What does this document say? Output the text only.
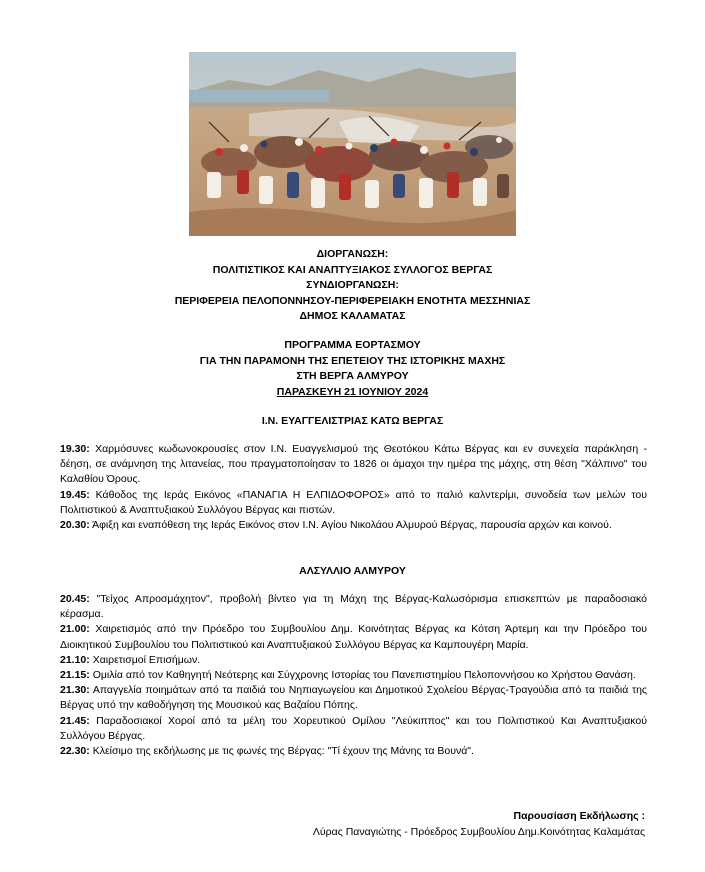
ΔΙΟΡΓΑΝΩΣΗ:
ΠΟΛΙΤΙΣΤΙΚΟΣ ΚΑΙ ΑΝΑΠΤΥΞΙΑΚΟΣ ΣΥΛΛΟΓΟΣ ΒΕΡΓΑΣ
ΣΥΝΔΙΟΡΓΑΝΩΣΗ:
ΠΕΡΙΦΕΡΕΙΑ ΠΕΛΟΠΟΝΝΗΣΟΥ-ΠΕΡΙΦΕΡΕΙΑΚΗ ΕΝΟΤΗΤΑ ΜΕΣΣΗΝΙΑΣ
ΔΗΜΟΣ ΚΑΛΑΜΑΤΑΣ
ΠΡΟΓΡΑΜΜΑ ΕΟΡΤΑΣΜΟΥ
ΓΙΑ ΤΗΝ ΠΑΡΑΜΟΝΗ ΤΗΣ ΕΠΕΤΕΙΟΥ ΤΗΣ ΙΣΤΟΡΙΚΗΣ ΜΑΧΗΣ
ΣΤΗ ΒΕΡΓΑ ΑΛΜΥΡΟΥ
ΠΑΡΑΣΚΕΥΗ 21 ΙΟΥΝΙΟΥ 2024
Ι.Ν. ΕΥΑΓΓΕΛΙΣΤΡΙΑΣ ΚΑΤΩ ΒΕΡΓΑΣ

19.30: Χαρμόσυνες κωδωνοκρουσίες στον Ι.Ν. Ευαγγελισμού της Θεοτόκου Κάτω Βέργας και εν συνεχεία παράκληση - δέηση, σε ανάμνηση της λιτανείας, που πραγματοποίησαν το 1826 οι άμαχοι την ημέρα της μάχης, στη θέση "Χάλπινο" του Καλαθίου Όρους.

19.45: Κάθοδος της Ιεράς Εικόνος «ΠΑΝΑΓΙΑ Η ΕΛΠΙΔΟΦΟΡΟΣ» από το παλιό καλντερίμι, συνοδεία των μελών του Πολιτιστικού & Αναπτυξιακού Συλλόγου Βέργας και πιστών.

20.30: Άφιξη και εναπόθεση της Ιεράς Εικόνος στον Ι.Ν. Αγίου Νικολάου Αλμυρού Βέργας, παρουσία αρχών και κοινού.

ΑΛΣΥΛΛΙΟ ΑΛΜΥΡΟΥ

20.45: "Τείχος Απροσμάχητον", προβολή βίντεο για τη Μάχη της Βέργας-Καλωσόρισμα επισκεπτών με παραδοσιακό κέρασμα.

21.00: Χαιρετισμός από την Πρόεδρο του Συμβουλίου Δημ. Κοινότητας Βέργας κα Κότση Άρτεμη και την Πρόεδρο του Διοικητικού Συμβουλίου του Πολιτιστικού και Αναπτυξιακού Συλλόγου Βέργας κα Καμπουγέρη Μαρία.

21.10: Χαιρετισμοί Επισήμων.

21.15: Ομιλία από τον Καθηγητή Νεότερης και Σύγχρονης Ιστορίας του Πανεπιστημίου Πελοποννήσου κο Χρήστου Θανάση.

21.30: Απαγγελία ποιημάτων από τα παιδιά του Νηπιαγωγείου και Δημοτικού Σχολείου Βέργας-Τραγούδια από τα παιδιά της Βέργας υπό την καθοδήγηση της Μουσικού κας Βαζαίου Πόπης.

21.45: Παραδοσιακοί Χοροί από τα μέλη του Χορευτικού Ομίλου "Λεύκιππος" και του Πολιτιστικού Και Αναπτυξιακού Συλλόγου Βέργας.

22.30: Κλείσιμο της εκδήλωσης με τις φωνές της Βέργας: "Τί έχουν της Μάνης τα Βουνά".

Παρουσίαση Εκδήλωσης :
Λύρας Παναγιώτης - Πρόεδρος Συμβουλίου Δημ.Κοινότητας Καλαμάτας
